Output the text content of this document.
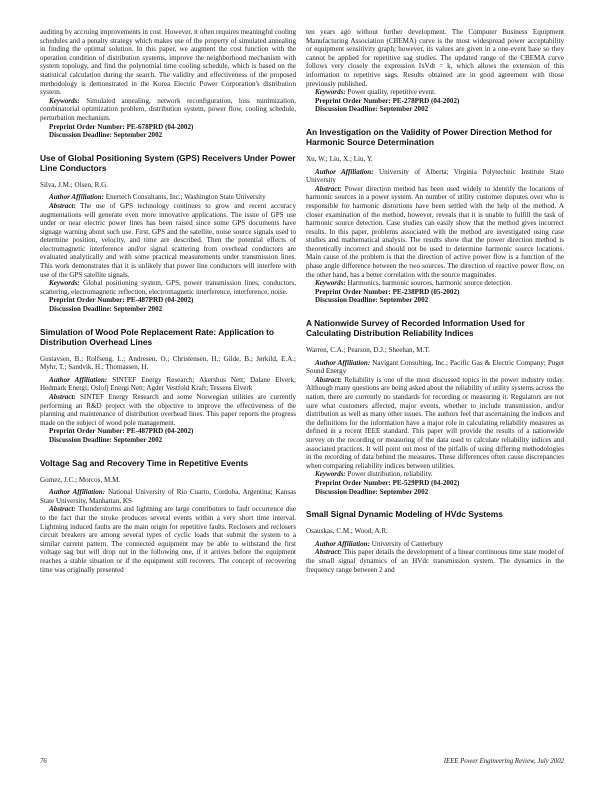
auditing by accruing improvements in cost. However, it often requires meaningful cooling schedules and a penalty strategy which makes use of the property of simulated annealing in finding the optimal solution. In this paper, we augment the cost function with the operation condition of distribution systems, improve the neighborhood mechanism with system topology, and find the polynomial time cooling schedule, which is based on the statistical calculation during the search. The validity and effectiveness of the proposed methodology is demonstrated in the Korea Electric Power Corporation's distribution system.

Keywords: Simulated annealing, network reconfiguration, loss minimization, combinatorial optimization problem, distribution system, power flow, cooling schedule, perturbation mechanism.

Preprint Order Number: PE-678PRD (04-2002)

Discussion Deadline: September 2002

Use of Global Positioning System (GPS) Receivers Under Power Line Conductors

Silva, J.M.; Olsen, R.G.

Author Affiliation: Enertech Consultants, Inc.; Washington State University

Abstract: The use of GPS technology continues to grow and recent accuracy augmentations will generate even more innovative applications. The issue of GPS use under or near electric power lines has been raised since some GPS documents have signage warning about such use. First, GPS and the satellite, noise source signals used to determine position, velocity, and time are described. Then the potential effects of electromagnetic interference and/or signal scattering from overhead conductors are evaluated analytically and with some practical measurements under transmission lines. This work demonstrates that it is unlikely that power line conductors will interfere with use of the GPS satellite signals.

Keywords: Global positioning system, GPS, power transmission lines, conductors, scattering, electromagnetic reflection, electromagnetic interference, interference, noise.

Preprint Order Number: PE-487PRD (04-2002)

Discussion Deadline: September 2002

Simulation of Wood Pole Replacement Rate: Application to Distribution Overhead Lines

Gustavsen, B.; Rolfseng, L.; Andresen, O.; Christensen, H.; Gilde, B.; Jørkild, E.A.; Myhr, T.; Sandvik, H.; Thomassen, H.

Author Affiliation: SINTEF Energy Research; Akershus Nett; Dalane Elverk; Hedmark Energi; Oslofj Energi Nett; Agder Vestfold Kraft; Tessens Elverk

Abstract: SINTEF Energy Research and some Norwegian utilities are currently performing an R&D project with the objective to improve the effectiveness of the planning and maintenance of distribution overhead lines. This paper reports the progress made on the subject of wood pole management.

Preprint Order Number: PE-487PRD (04-2002)

Discussion Deadline: September 2002

Voltage Sag and Recovery Time in Repetitive Events

Gomez, J.C.; Morcos, M.M.

Author Affiliation: National University of Rio Cuarto, Cordoba, Argentina; Kansas State University, Manhattan, KS

Abstract: Thunderstorms and lightning are large contributors to fault occurrence due to the fact that the stroke produces several events within a very short time interval. Lightning induced faults are the main origin for repetitive faults. Reclosers and reclosers circuit breakers are among several types of cyclic loads that submit the system to a similar current pattern. The connected equipment may be able to withstand the first voltage sag but will drop out in the following one, if it arrives before the equipment reaches a stable situation or if the equipment still recovers. The concept of recovering time was originally presented

ten years ago without further development. The Computer Business Equipment Manufacturing Association (CBEMA) curve is the most widespread power acceptability or equipment sensitivity graph; however, its values are given in a one-event base so they cannot be applied for repetitive sag studies. The updated range of the CBEMA curve follows very closely the expression IxVdt = k, which allows the extension of this information to repetitive sags. Results obtained are in good agreement with those previously published.

Keywords: Power quality, repetitive event.

Preprint Order Number: PE-278PRD (04-2002)

Discussion Deadline: September 2002

An Investigation on the Validity of Power Direction Method for Harmonic Source Determination

Xu, W.; Liu, X.; Liu, Y.

Author Affiliation: University of Alberta; Virginia Polytechnic Institute State University

Abstract: Power direction method has been used widely to identify the locations of harmonic sources in a power system. An number of utility customer disputes over who is responsible for harmonic distortions have been settled with the help of the method. A closer examination of the method, however, reveals that it is unable to fulfill the task of harmonic source detection. Case studies can easily show that the method gives incorrect results. In this paper, problems associated with the method are investigated using case studies and mathematical analysis. The results show that the power direction method is theoretically incorrect and should not be used to determine harmonic source locations. Main cause of the problem is that the direction of active power flow is a function of the phase angle difference between the two sources. The direction of reactive power flow, on the other hand, has a better correlation with the source magnitudes.

Keywords: Harmonics, harmonic sources, harmonic source detection.

Preprint Order Number: PE-238PRD (05-2002)

Discussion Deadline: September 2002

A Nationwide Survey of Recorded Information Used for Calculating Distribution Reliability Indices

Warren, C.A.; Pearson, D.J.; Sheehan, M.T.

Author Affiliation: Navigant Consulting, Inc.; Pacific Gas & Electric Company; Puget Sound Energy

Abstract: Reliability is one of the most discussed topics in the power industry today. Although many questions are being asked about the reliability of utility systems across the nation, there are currently no standards for recording or measuring it. Regulators are not sure what customers affected, major events, whether to include transmission, and/or distribution as well as many other issues. The authors feel that ascertaining the indices and the definitions for the information have a major role in calculating reliability measures as defined in a recent IEEE standard. This paper will provide the results of a nationwide survey on the recording or measuring of the data used to calculate reliability indices and associated practices. It will point out most of the pitfalls of using differing methodologies in the recording of data behind the measures. These differences often cause discrepancies when comparing reliability indices between utilities.

Keywords: Power distribution, reliability.

Preprint Order Number: PE-529PRD (04-2002)

Discussion Deadline: September 2002

Small Signal Dynamic Modeling of HVdc Systems

Osauskas, C.M.; Wood, A.R.

Author Affiliation: University of Canterbury

Abstract: This paper details the development of a linear continuous time state model of the small signal dynamics of an HVdc transmission system. The dynamics in the frequency range between 2 and

76	IEEE Power Engineering Review, July 2002
